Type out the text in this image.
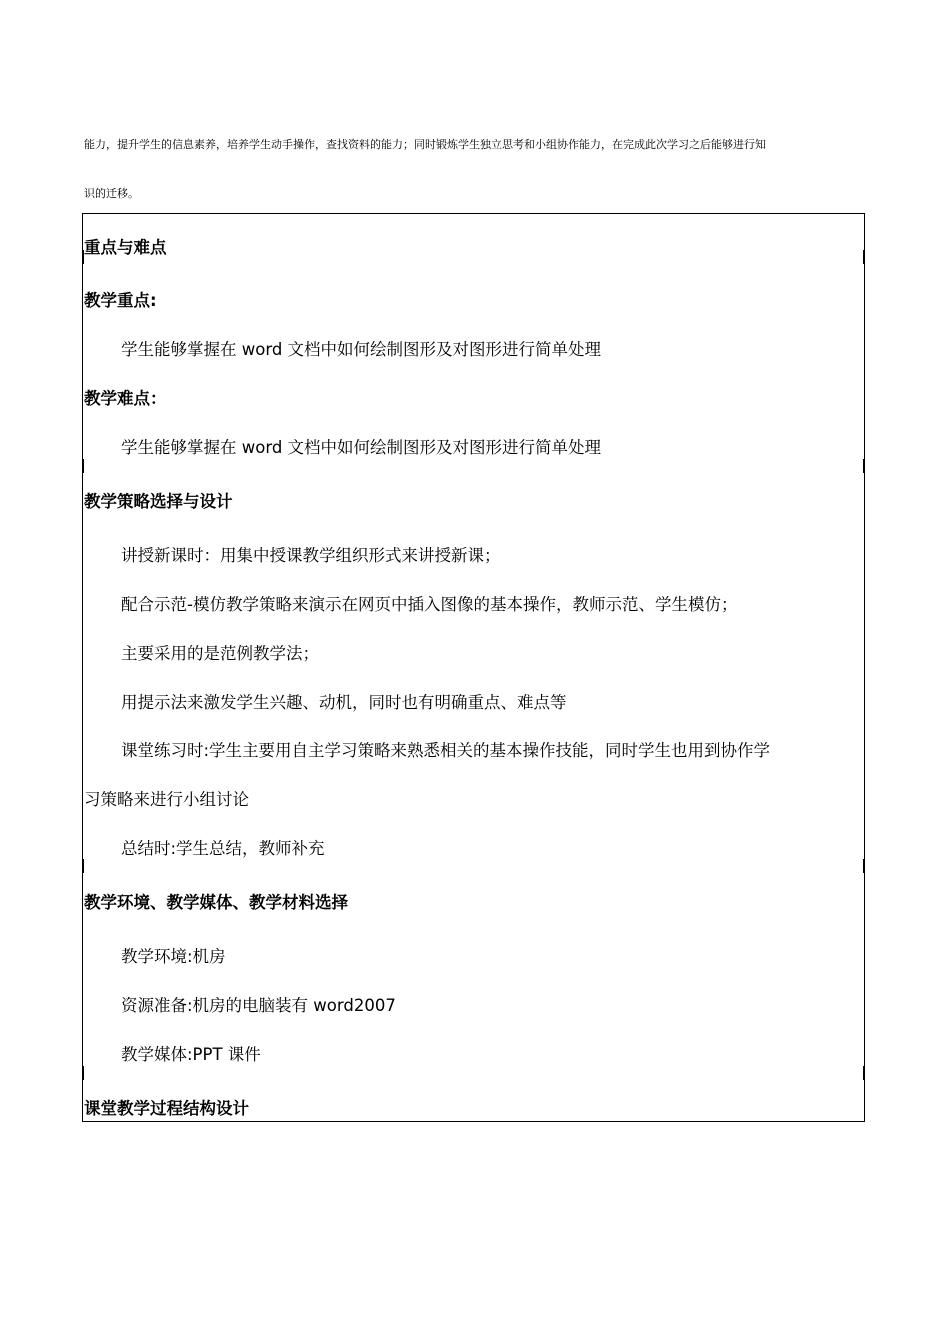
能力，提升学生的信息素养，培养学生动手操作，查找资料的能力；同时锻炼学生独立思考和小组协作能力，在完成此次学习之后能够进行知
识的迁移。
重点与难点
教学重点:
学生能够掌握在 word 文档中如何绘制图形及对图形进行简单处理
教学难点：
学生能够掌握在 word 文档中如何绘制图形及对图形进行简单处理
教学策略选择与设计
讲授新课时：用集中授课教学组织形式来讲授新课；
配合示范-模仿教学策略来演示在网页中插入图像的基本操作，教师示范、学生模仿；
主要采用的是范例教学法；
用提示法来激发学生兴趣、动机，同时也有明确重点、难点等
课堂练习时:学生主要用自主学习策略来熟悉相关的基本操作技能，同时学生也用到协作学
习策略来进行小组讨论
总结时:学生总结，教师补充
教学环境、教学媒体、教学材料选择
教学环境:机房
资源准备:机房的电脑装有 word2007
教学媒体:PPT 课件
课堂教学过程结构设计
